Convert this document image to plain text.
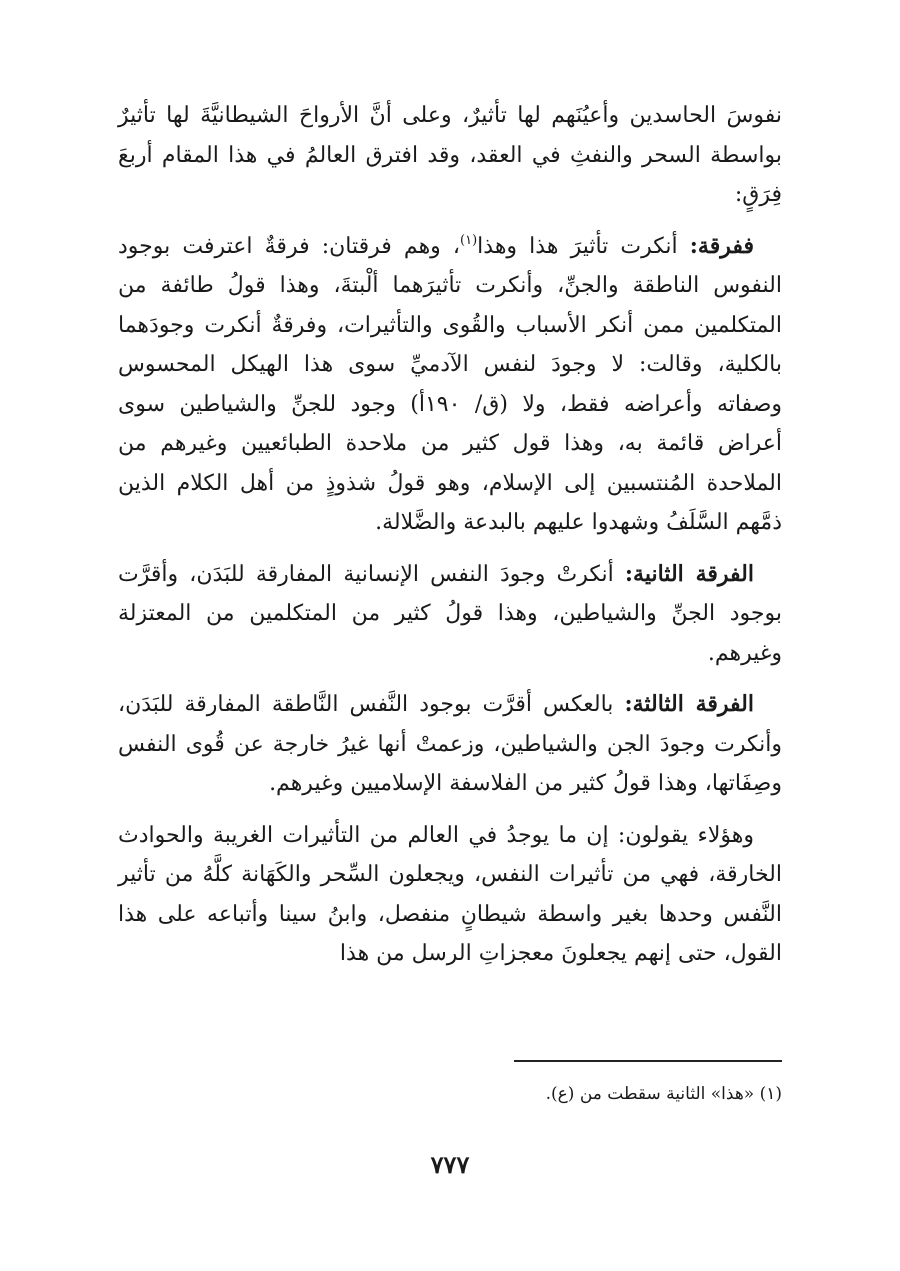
نفوسَ الحاسدين وأعيُنَهم لها تأثيرٌ، وعلى أنَّ الأرواحَ الشيطانيَّةَ لها تأثيرٌ بواسطة السحر والنفثِ في العقد، وقد افترق العالمُ في هذا المقام أربعَ فِرَقٍ:

ففرقة: أنكرت تأثيرَ هذا وهذا$^{(١)}$، وهم فرقتان: فرقةٌ اعترفت بوجود النفوس الناطقة والجنِّ، وأنكرت تأثيرَهما ألْبتةَ، وهذا قولُ طائفة من المتكلمين ممن أنكر الأسباب والقُوى والتأثيرات، وفرقةٌ أنكرت وجودَهما بالكلية، وقالت: لا وجودَ لنفس الآدميِّ سوى هذا الهيكل المحسوس وصفاته وأعراضه فقط، ولا (ق/ ١٩٠أ) وجود للجنِّ والشياطين سوى أعراض قائمة به، وهذا قول كثير من ملاحدة الطبائعيين وغيرهم من الملاحدة المُنتسبين إلى الإسلام، وهو قولُ شذوذٍ من أهل الكلام الذين ذمَّهم السَّلَفُ وشهدوا عليهم بالبدعة والضَّلالة.

الفرقة الثانية: أنكرتْ وجودَ النفس الإنسانية المفارقة للبَدَن، وأقرَّت بوجود الجنِّ والشياطين، وهذا قولُ كثير من المتكلمين من المعتزلة وغيرهم.

الفرقة الثالثة: بالعكس أقرَّت بوجود النَّفس النَّاطقة المفارقة للبَدَن، وأنكرت وجودَ الجن والشياطين، وزعمتْ أنها غيرُ خارجة عن قُوى النفس وصِفَاتها، وهذا قولُ كثير من الفلاسفة الإسلاميين وغيرهم.

وهؤلاء يقولون: إن ما يوجدُ في العالم من التأثيرات الغريبة والحوادث الخارقة، فهي من تأثيرات النفس، ويجعلون السِّحر والكَهَانة كلَّهُ من تأثير النَّفس وحدها بغير واسطة شيطانٍ منفصل، وابنُ سينا وأتباعه على هذا القول، حتى إنهم يجعلونَ معجزاتِ الرسل من هذا

(١) «هذا» الثانية سقطت من (ع).
٧٧٧
